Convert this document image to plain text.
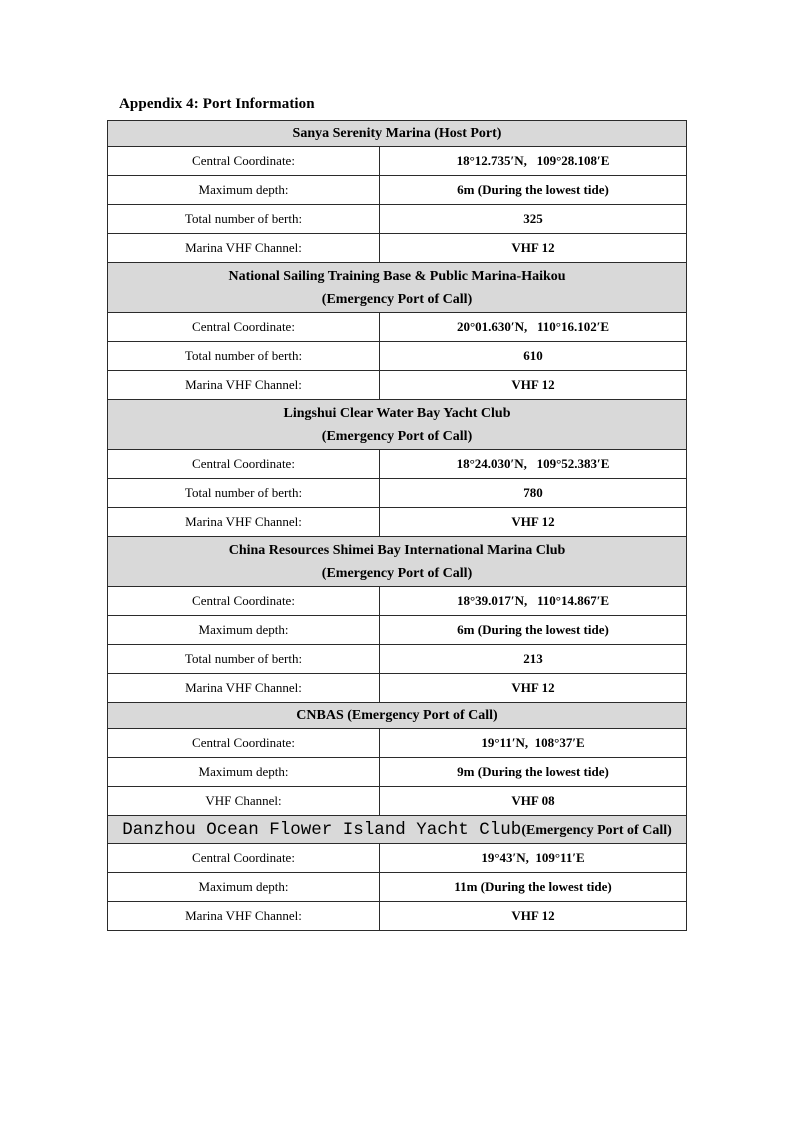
Appendix 4: Port Information
Sanya Serenity Marina (Host Port)	
Central Coordinate:	18°12.735′N,   109°28.108′E
Maximum depth:	6m (During the lowest tide)
Total number of berth:	325
Marina VHF Channel:	VHF 12

National Sailing Training Base & Public Marina-Haikou
(Emergency Port of Call)	

Central Coordinate:	20°01.630′N,   110°16.102′E
Total number of berth:	610
Marina VHF Channel:	VHF 12

Lingshui Clear Water Bay Yacht Club
(Emergency Port of Call)	

Central Coordinate:	18°24.030′N,   109°52.383′E
Total number of berth:	780
Marina VHF Channel:	VHF 12

China Resources Shimei Bay International Marina Club
(Emergency Port of Call)	

Central Coordinate:	18°39.017′N,   110°14.867′E
Maximum depth:	6m (During the lowest tide)
Total number of berth:	213
Marina VHF Channel:	VHF 12
CNBAS (Emergency Port of Call)	
Central Coordinate:	19°11′N,  108°37′E
Maximum depth:	9m (During the lowest tide)
VHF Channel:	VHF 08
Danzhou Ocean Flower Island Yacht Club(Emergency Port of Call)	
Central Coordinate:	19°43′N,  109°11′E
Maximum depth:	11m (During the lowest tide)
Marina VHF Channel:	VHF 12
